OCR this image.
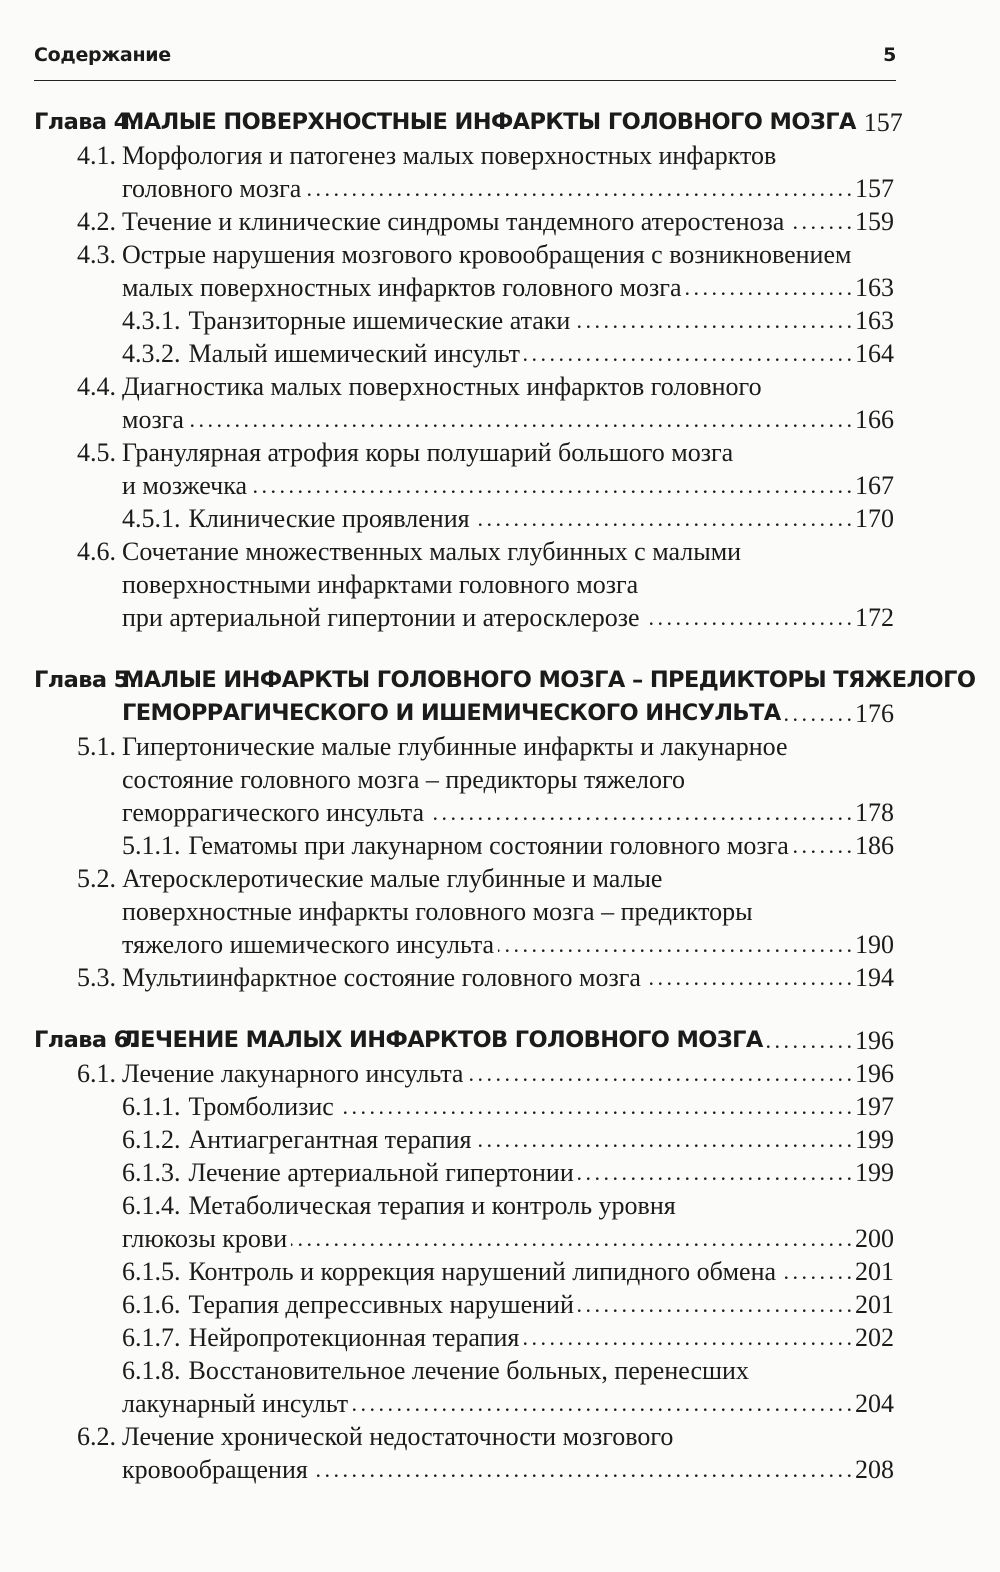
Содержание	5
Глава 4.
МАЛЫЕ ПОВЕРХНОСТНЫЕ ИНФАРКТЫ ГОЛОВНОГО МОЗГА 157
4.1. Морфология и патогенез малых поверхностных инфарктов
головного мозга . . .	157
4.2. Течение и клинические синдромы тандемного атеростеноза . . .	159
4.3. Острые нарушения мозгового кровообращения с возникновением
малых поверхностных инфарктов головного мозга . . .	163
4.3.1. Транзиторные ишемические атаки . . .	163
4.3.2. Малый ишемический инсульт . . .	164
4.4. Диагностика малых поверхностных инфарктов головного
мозга . . .	166
4.5. Гранулярная атрофия коры полушарий большого мозга
и мозжечка . . .	167
4.5.1. Клинические проявления . . .	170
4.6. Сочетание множественных малых глубинных с малыми
поверхностными инфарктами головного мозга
при артериальной гипертонии и атеросклерозе . . .	172
Глава 5.
МАЛЫЕ ИНФАРКТЫ ГОЛОВНОГО МОЗГА – ПРЕДИКТОРЫ ТЯЖЕЛОГО
ГЕМОРРАГИЧЕСКОГО И ИШЕМИЧЕСКОГО ИНСУЛЬТА . . .	176
5.1. Гипертонические малые глубинные инфаркты и лакунарное
состояние головного мозга – предикторы тяжелого
геморрагического инсульта . . .	178
5.1.1. Гематомы при лакунарном состоянии головного мозга . . .	186
5.2. Атеросклеротические малые глубинные и малые
поверхностные инфаркты головного мозга – предикторы
тяжелого ишемического инсульта . . .	190
5.3. Мультиинфарктное состояние головного мозга . . .	194
Глава 6.
ЛЕЧЕНИЕ МАЛЫХ ИНФАРКТОВ ГОЛОВНОГО МОЗГА . . .	196
6.1. Лечение лакунарного инсульта . . .	196
6.1.1. Тромболизис . . .	197
6.1.2. Антиагрегантная терапия . . .	199
6.1.3. Лечение артериальной гипертонии . . .	199
6.1.4. Метаболическая терапия и контроль уровня
глюкозы крови . . .	200
6.1.5. Контроль и коррекция нарушений липидного обмена . . .	201
6.1.6. Терапия депрессивных нарушений . . .	201
6.1.7. Нейропротекционная терапия . . .	202
6.1.8. Восстановительное лечение больных, перенесших
лакунарный инсульт . . .	204
6.2. Лечение хронической недостаточности мозгового
кровообращения . . .	208
